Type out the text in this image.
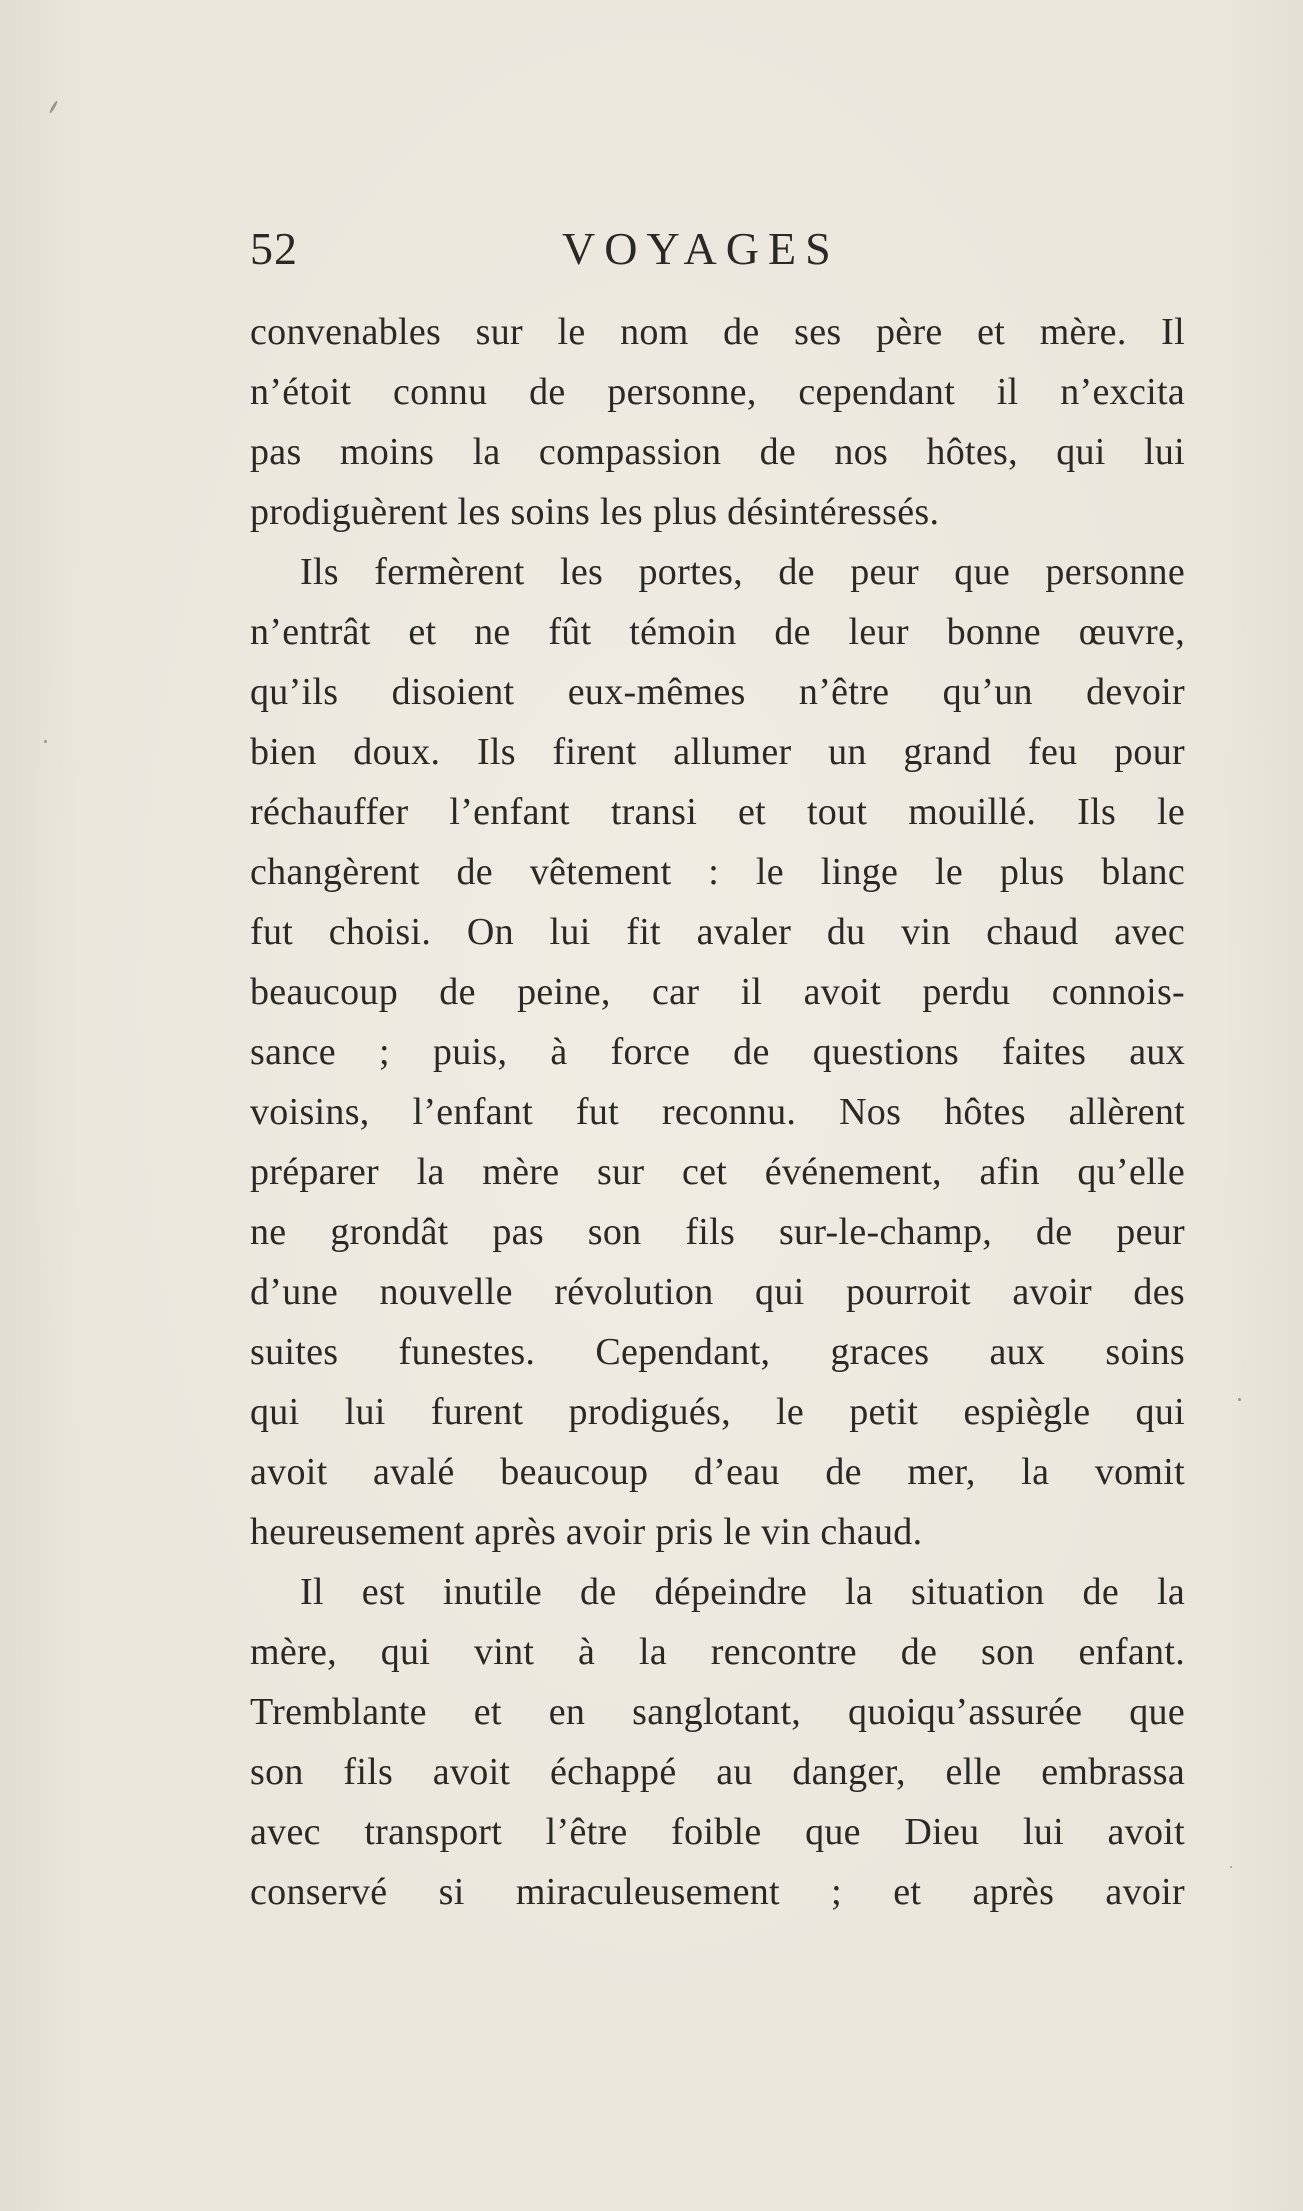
52	VOYAGES
convenables sur le nom de ses père et mère. Il
n’étoit connu de personne, cependant il n’excita
pas moins la compassion de nos hôtes, qui lui
prodiguèrent les soins les plus désintéressés.
Ils fermèrent les portes, de peur que personne
n’entrât et ne fût témoin de leur bonne œuvre,
qu’ils disoient eux-mêmes n’être qu’un devoir
bien doux. Ils firent allumer un grand feu pour
réchauffer l’enfant transi et tout mouillé. Ils le
changèrent de vêtement : le linge le plus blanc
fut choisi. On lui fit avaler du vin chaud avec
beaucoup de peine, car il avoit perdu connois-
sance ; puis, à force de questions faites aux
voisins, l’enfant fut reconnu. Nos hôtes allèrent
préparer la mère sur cet événement, afin qu’elle
ne grondât pas son fils sur-le-champ, de peur
d’une nouvelle révolution qui pourroit avoir des
suites funestes. Cependant, graces aux soins
qui lui furent prodigués, le petit espiègle qui
avoit avalé beaucoup d’eau de mer, la vomit
heureusement après avoir pris le vin chaud.
Il est inutile de dépeindre la situation de la
mère, qui vint à la rencontre de son enfant.
Tremblante et en sanglotant, quoiqu’assurée que
son fils avoit échappé au danger, elle embrassa
avec transport l’être foible que Dieu lui avoit
conservé si miraculeusement ; et après avoir
